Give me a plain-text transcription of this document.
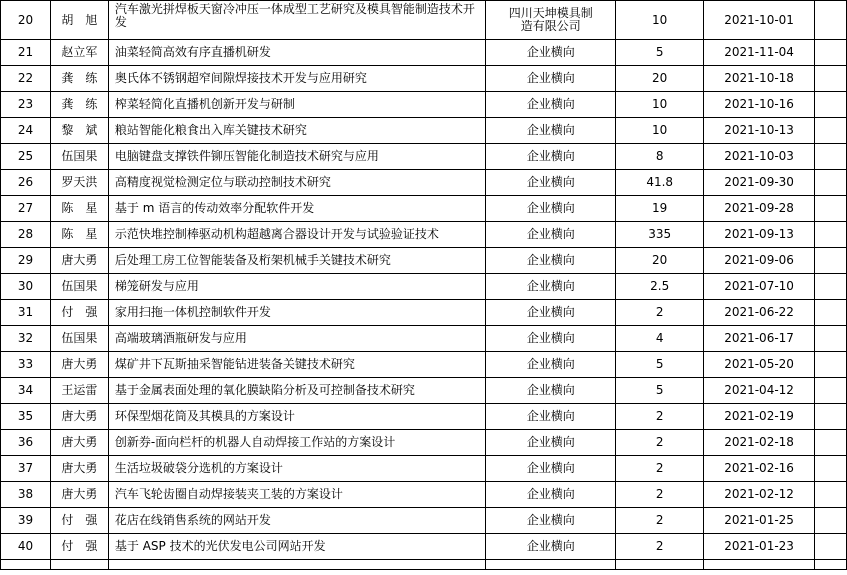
20	胡　旭	汽车激光拼焊板天窗冷冲压一体成型工艺研究及模具智能制造技术开发	四川天坤模具制造有限公司	10	2021-10-01	
21	赵立军	油菜轻简高效有序直播机研发	企业横向	5	2021-11-04	
22	龚　练	奥氏体不锈钢超窄间隙焊接技术开发与应用研究	企业横向	20	2021-10-18	
23	龚　练	榨菜轻简化直播机创新开发与研制	企业横向	10	2021-10-16	
24	黎　斌	粮站智能化粮食出入库关键技术研究	企业横向	10	2021-10-13	
25	伍国果	电脑键盘支撑铁件铆压智能化制造技术研究与应用	企业横向	8	2021-10-03	
26	罗天洪	高精度视觉检测定位与联动控制技术研究	企业横向	41.8	2021-09-30	
27	陈　星	基于 m 语言的传动效率分配软件开发	企业横向	19	2021-09-28	
28	陈　星	示范快堆控制棒驱动机构超越离合器设计开发与试验验证技术	企业横向	335	2021-09-13	
29	唐大勇	后处理工房工位智能装备及桁架机械手关键技术研究	企业横向	20	2021-09-06	
30	伍国果	梯笼研发与应用	企业横向	2.5	2021-07-10	
31	付　强	家用扫拖一体机控制软件开发	企业横向	2	2021-06-22	
32	伍国果	高端玻璃酒瓶研发与应用	企业横向	4	2021-06-17	
33	唐大勇	煤矿井下瓦斯抽采智能钻进装备关键技术研究	企业横向	5	2021-05-20	
34	王运雷	基于金属表面处理的氧化膜缺陷分析及可控制备技术研究	企业横向	5	2021-04-12	
35	唐大勇	环保型烟花筒及其模具的方案设计	企业横向	2	2021-02-19	
36	唐大勇	创新券-面向栏杆的机器人自动焊接工作站的方案设计	企业横向	2	2021-02-18	
37	唐大勇	生活垃圾破袋分选机的方案设计	企业横向	2	2021-02-16	
38	唐大勇	汽车飞轮齿圈自动焊接装夹工装的方案设计	企业横向	2	2021-02-12	
39	付　强	花店在线销售系统的网站开发	企业横向	2	2021-01-25	
40	付　强	基于 ASP 技术的光伏发电公司网站开发	企业横向	2	2021-01-23	
